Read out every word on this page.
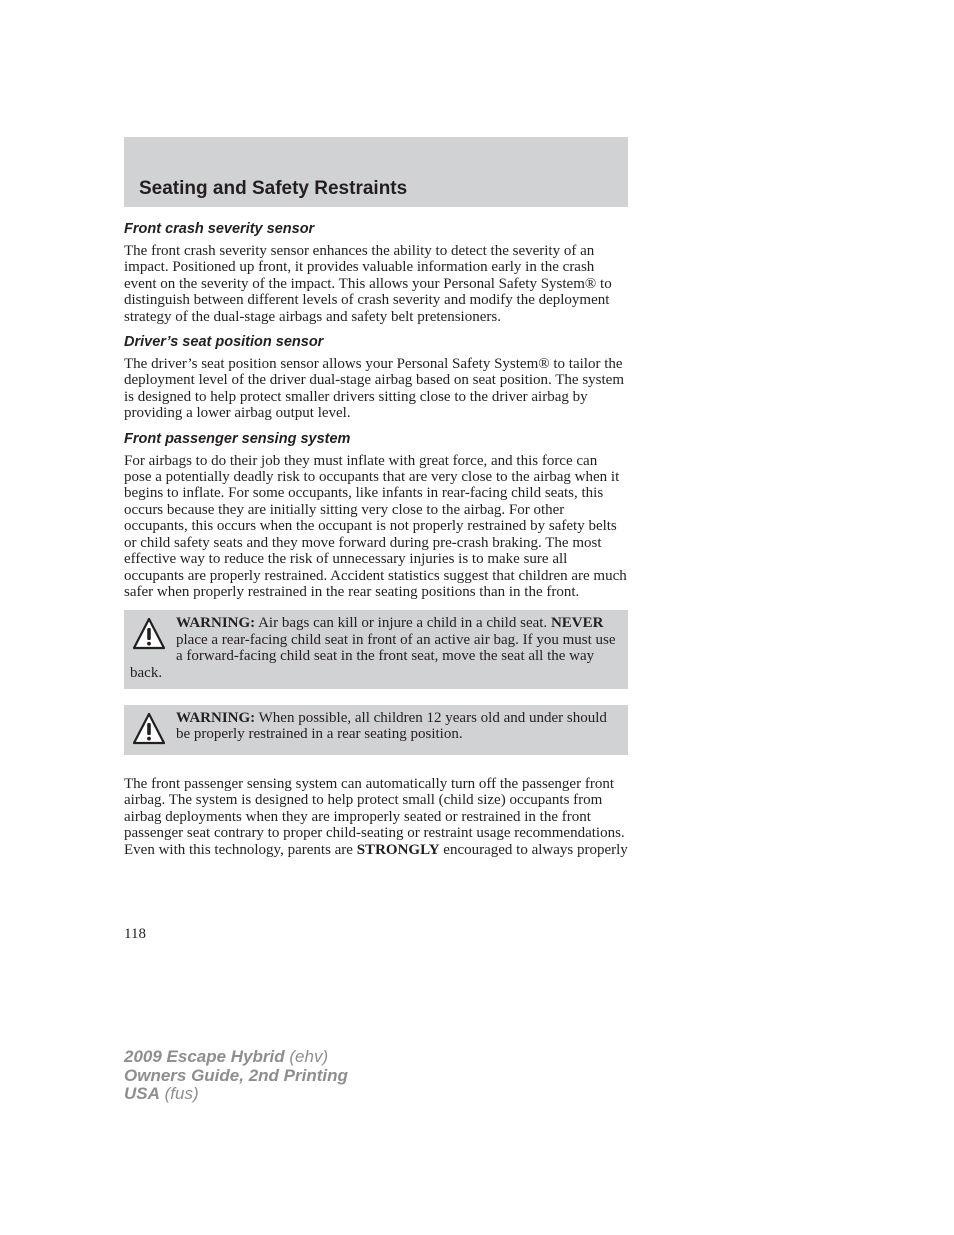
Seating and Safety Restraints
Front crash severity sensor

The front crash severity sensor enhances the ability to detect the severity of an impact. Positioned up front, it provides valuable information early in the crash event on the severity of the impact. This allows your Personal Safety System® to distinguish between different levels of crash severity and modify the deployment strategy of the dual-stage airbags and safety belt pretensioners.

Driver’s seat position sensor

The driver’s seat position sensor allows your Personal Safety System® to tailor the deployment level of the driver dual-stage airbag based on seat position. The system is designed to help protect smaller drivers sitting close to the driver airbag by providing a lower airbag output level.

Front passenger sensing system

For airbags to do their job they must inflate with great force, and this force can pose a potentially deadly risk to occupants that are very close to the airbag when it begins to inflate. For some occupants, like infants in rear-facing child seats, this occurs because they are initially sitting very close to the airbag. For other occupants, this occurs when the occupant is not properly restrained by safety belts or child safety seats and they move forward during pre-crash braking. The most effective way to reduce the risk of unnecessary injuries is to make sure all occupants are properly restrained. Accident statistics suggest that children are much safer when properly restrained in the rear seating positions than in the front.

WARNING: Air bags can kill or injure a child in a child seat. NEVER place a rear-facing child seat in front of an active air bag. If you must use a forward-facing child seat in the front seat, move the seat all the way back.
WARNING: When possible, all children 12 years old and under should be properly restrained in a rear seating position.

The front passenger sensing system can automatically turn off the passenger front airbag. The system is designed to help protect small (child size) occupants from airbag deployments when they are improperly seated or restrained in the front passenger seat contrary to proper child-seating or restraint usage recommendations. Even with this technology, parents are STRONGLY encouraged to always properly

118
2009 Escape Hybrid (ehv)
Owners Guide, 2nd Printing
USA (fus)
